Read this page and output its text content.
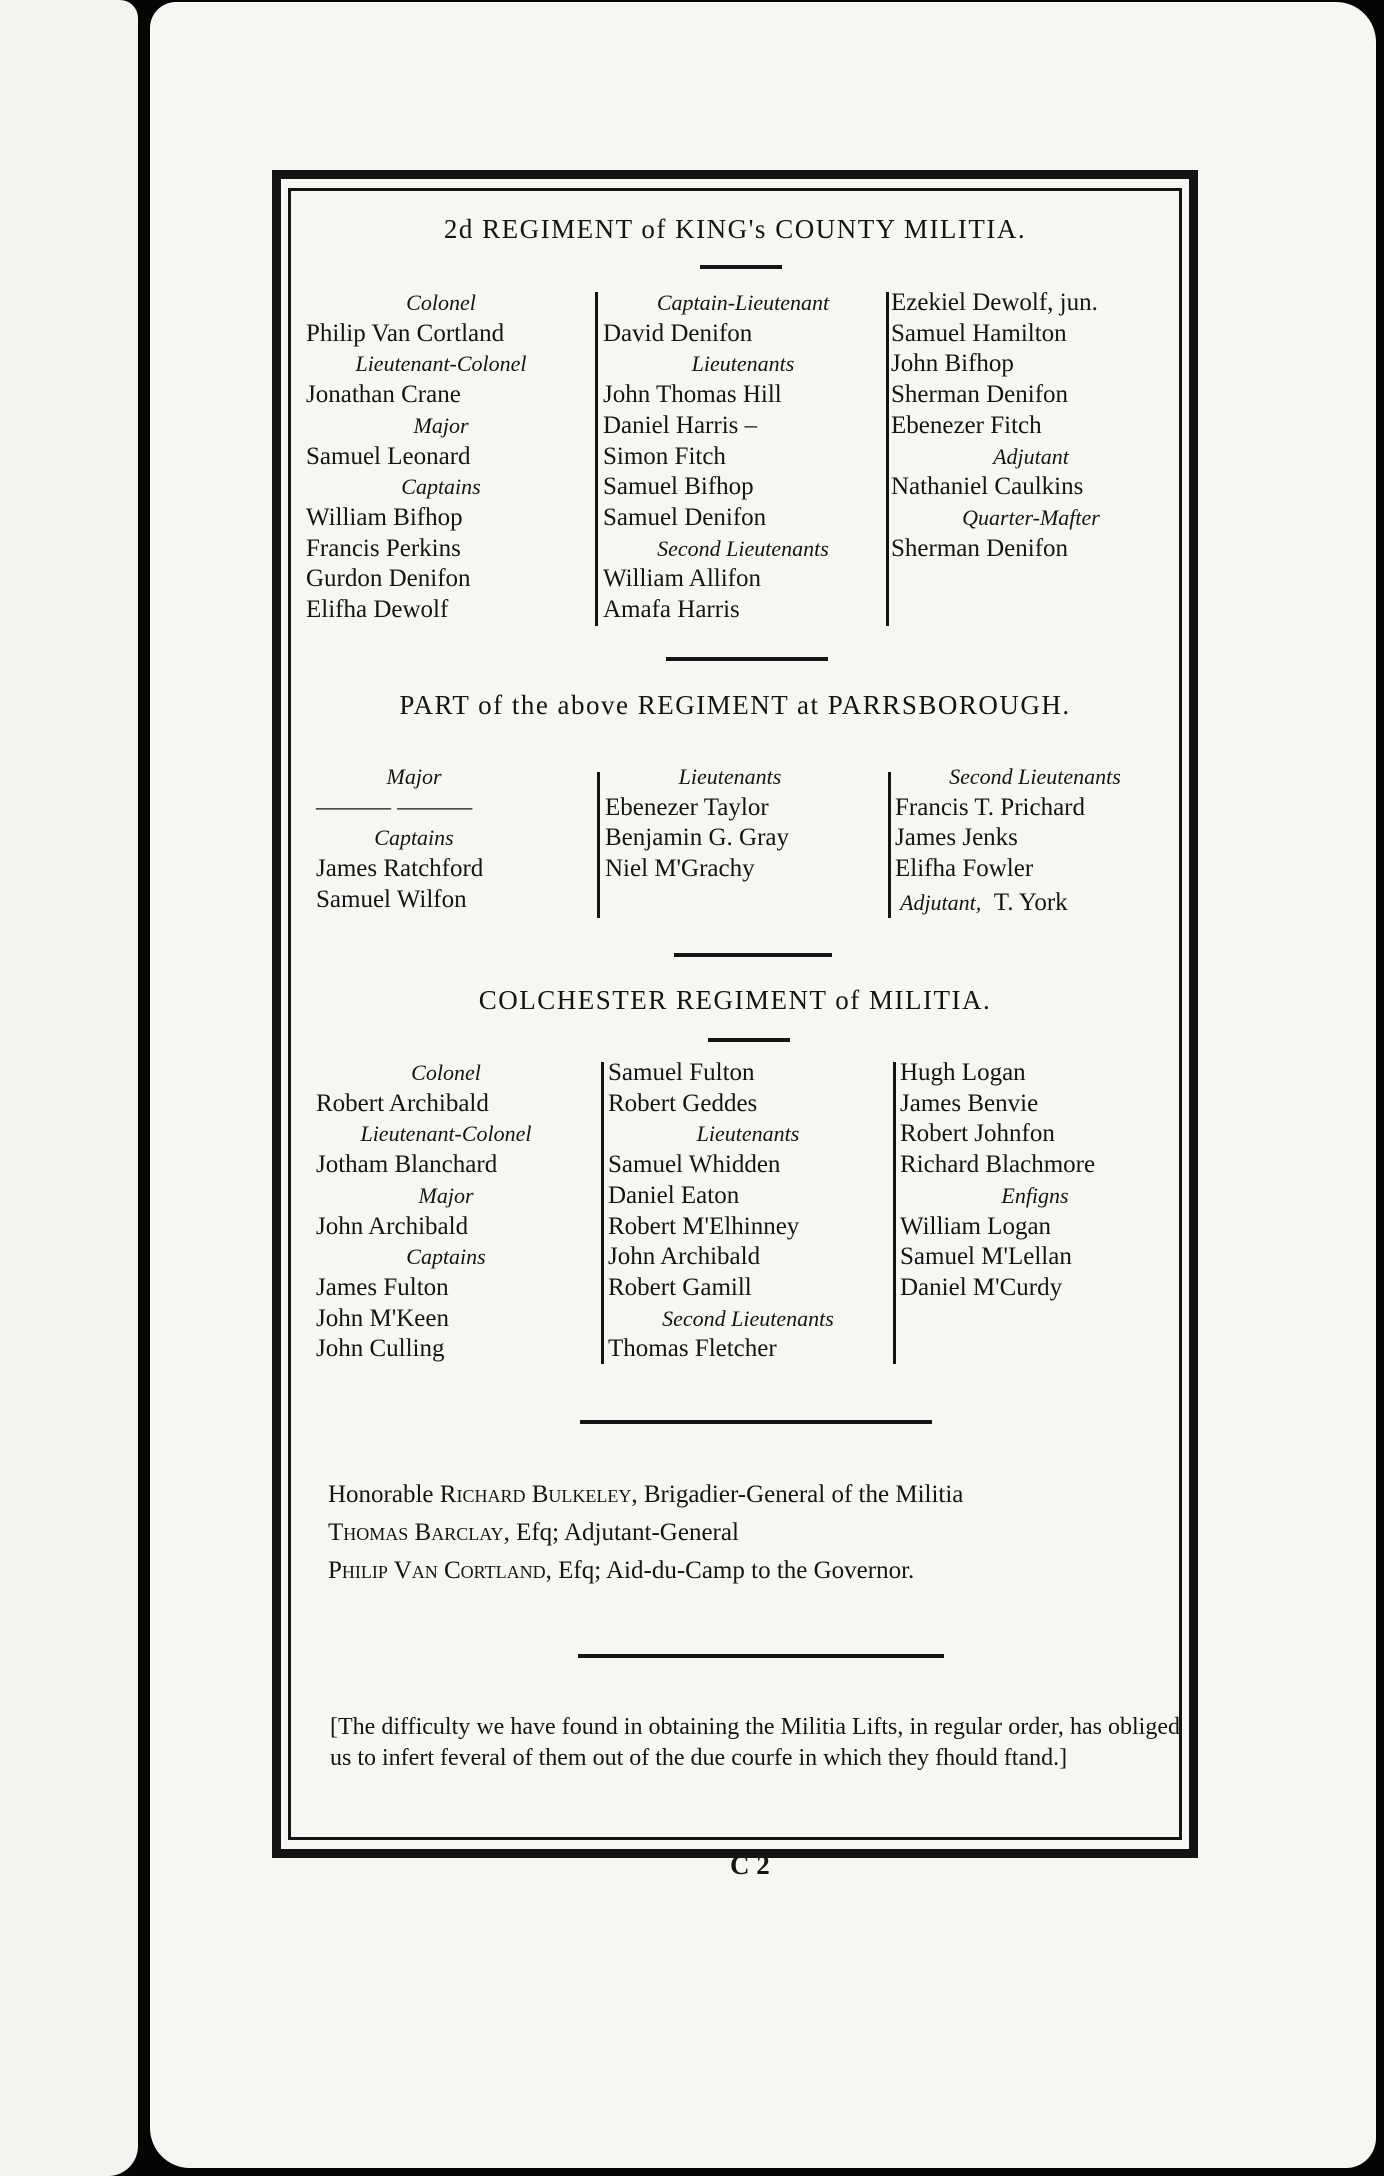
2d REGIMENT of KING's COUNTY MILITIA.
Colonel
Philip Van Cortland
Lieutenant-Colonel
Jonathan Crane
Major
Samuel Leonard
Captains
William Bifhop
Francis Perkins
Gurdon Denifon
Elifha Dewolf
Captain-Lieutenant
David Denifon
Lieutenants
John Thomas Hill
Daniel Harris –
Simon Fitch
Samuel Bifhop
Samuel Denifon
Second Lieutenants
William Allifon
Amafa Harris
Ezekiel Dewolf, jun.
Samuel Hamilton
John Bifhop
Sherman Denifon
Ebenezer Fitch
Adjutant
Nathaniel Caulkins
Quarter-Mafter
Sherman Denifon
PART of the above REGIMENT at PARRSBOROUGH.
Major
——— ———
Captains
James Ratchford
Samuel Wilfon
Lieutenants
Ebenezer Taylor
Benjamin G. Gray
Niel M'Grachy
Second Lieutenants
Francis T. Prichard
James Jenks
Elifha Fowler
Adjutant, T. York
COLCHESTER REGIMENT of MILITIA.
Colonel
Robert Archibald
Lieutenant-Colonel
Jotham Blanchard
Major
John Archibald
Captains
James Fulton
John M'Keen
John Culling
Samuel Fulton
Robert Geddes
Lieutenants
Samuel Whidden
Daniel Eaton
Robert M'Elhinney
John Archibald
Robert Gamill
Second Lieutenants
Thomas Fletcher
Hugh Logan
James Benvie
Robert Johnfon
Richard Blachmore
Enfigns
William Logan
Samuel M'Lellan
Daniel M'Curdy
Honorable Richard Bulkeley, Brigadier-General of the Militia
Thomas Barclay, Efq; Adjutant-General
Philip Van Cortland, Efq; Aid-du-Camp to the Governor.
[The difficulty we have found in obtaining the Militia Lifts, in regular order, has obliged us to infert feveral of them out of the due courfe in which they fhould ftand.]
C 2
